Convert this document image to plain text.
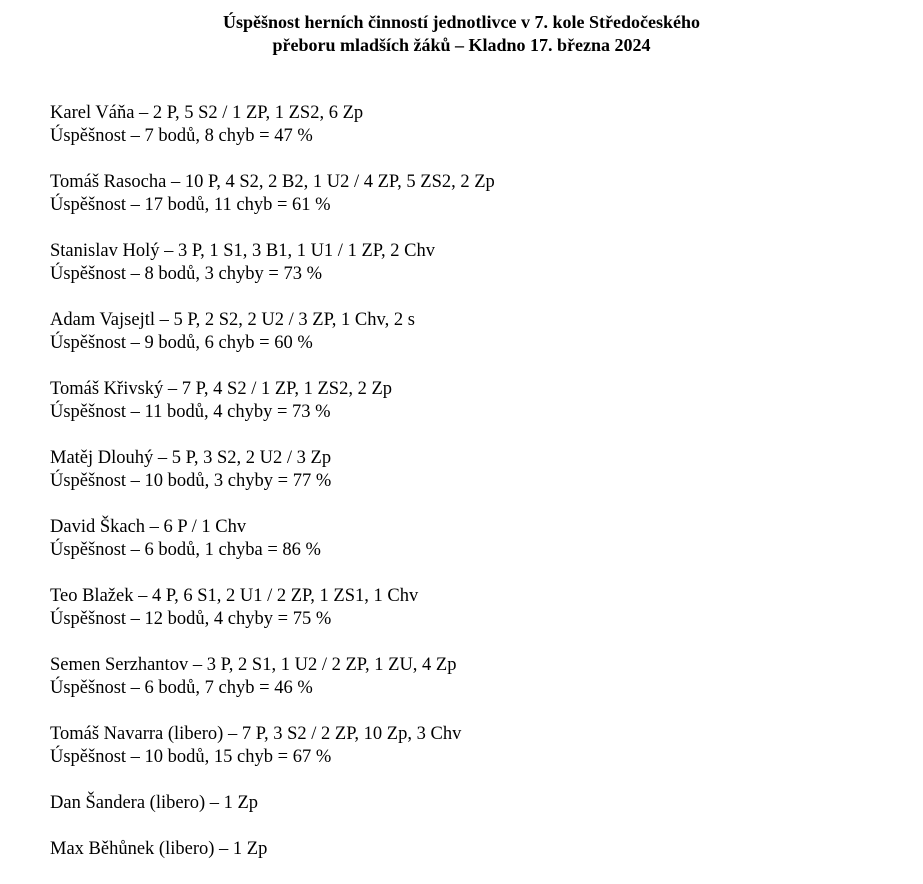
Úspěšnost herních činností jednotlivce v 7. kole Středočeského
přeboru mladších žáků – Kladno 17. března 2024
Karel Váňa – 2 P, 5 S2 / 1 ZP, 1 ZS2, 6 Zp
Úspěšnost – 7 bodů, 8 chyb = 47 %
Tomáš Rasocha – 10 P, 4 S2, 2 B2, 1 U2 / 4 ZP, 5 ZS2, 2 Zp
Úspěšnost – 17 bodů, 11 chyb = 61 %
Stanislav Holý – 3 P, 1 S1, 3 B1, 1 U1 / 1 ZP, 2 Chv
Úspěšnost – 8 bodů, 3 chyby = 73 %
Adam Vajsejtl – 5 P, 2 S2, 2 U2 / 3 ZP, 1 Chv, 2 s
Úspěšnost – 9 bodů, 6 chyb = 60 %
Tomáš Křivský – 7 P, 4 S2 / 1 ZP, 1 ZS2, 2 Zp
Úspěšnost – 11 bodů, 4 chyby = 73 %
Matěj Dlouhý – 5 P, 3 S2, 2 U2 / 3 Zp
Úspěšnost – 10 bodů, 3 chyby = 77 %
David Škach – 6 P / 1 Chv
Úspěšnost – 6 bodů, 1 chyba = 86 %
Teo Blažek – 4 P, 6 S1, 2 U1 / 2 ZP, 1 ZS1, 1 Chv
Úspěšnost – 12 bodů, 4 chyby = 75 %
Semen Serzhantov – 3 P, 2 S1, 1 U2 / 2 ZP, 1 ZU, 4 Zp
Úspěšnost – 6 bodů, 7 chyb = 46 %
Tomáš Navarra (libero) – 7 P, 3 S2 / 2 ZP, 10 Zp, 3 Chv
Úspěšnost – 10 bodů, 15 chyb = 67 %
Dan Šandera (libero) – 1 Zp
Max Běhůnek (libero) – 1 Zp
